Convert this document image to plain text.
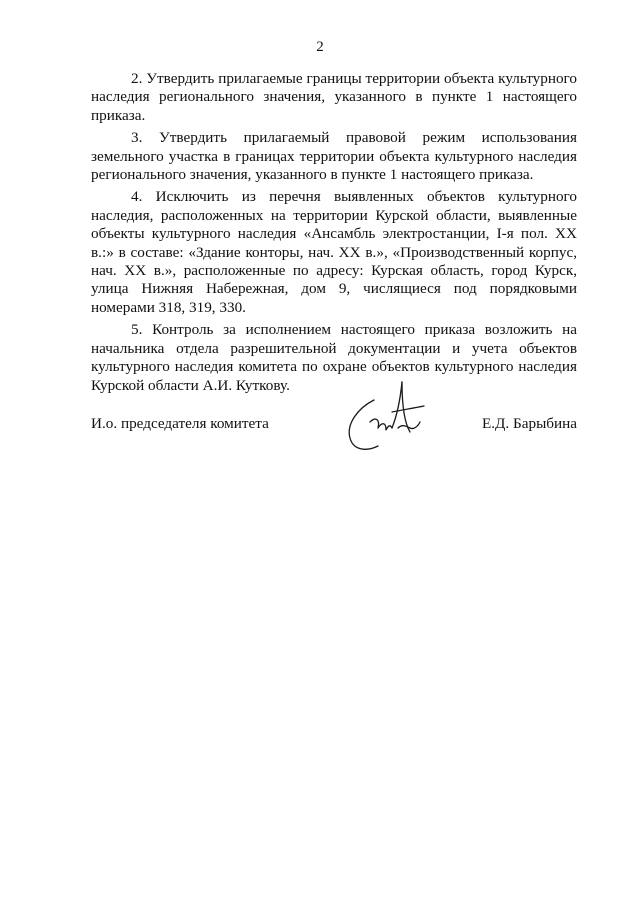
2

2. Утвердить прилагаемые границы территории объекта культурного наследия регионального значения, указанного в пункте 1 настоящего приказа.

3. Утвердить прилагаемый правовой режим использования земельного участка в границах территории объекта культурного наследия регионального значения, указанного в пункте 1 настоящего приказа.

4. Исключить из перечня выявленных объектов культурного наследия, расположенных на территории Курской области, выявленные объекты культурного наследия «Ансамбль электростанции, I-я пол. XX в.:» в составе: «Здание конторы, нач. XX в.», «Производственный корпус, нач. XX в.», расположенные по адресу: Курская область, город Курск, улица Нижняя Набережная, дом 9, числящиеся под порядковыми номерами 318, 319, 330.

5. Контроль за исполнением настоящего приказа возложить на начальника отдела разрешительной документации и учета объектов культурного наследия комитета по охране объектов культурного наследия Курской области А.И. Куткову.

И.о. председателя комитета	Е.Д. Барыбина
